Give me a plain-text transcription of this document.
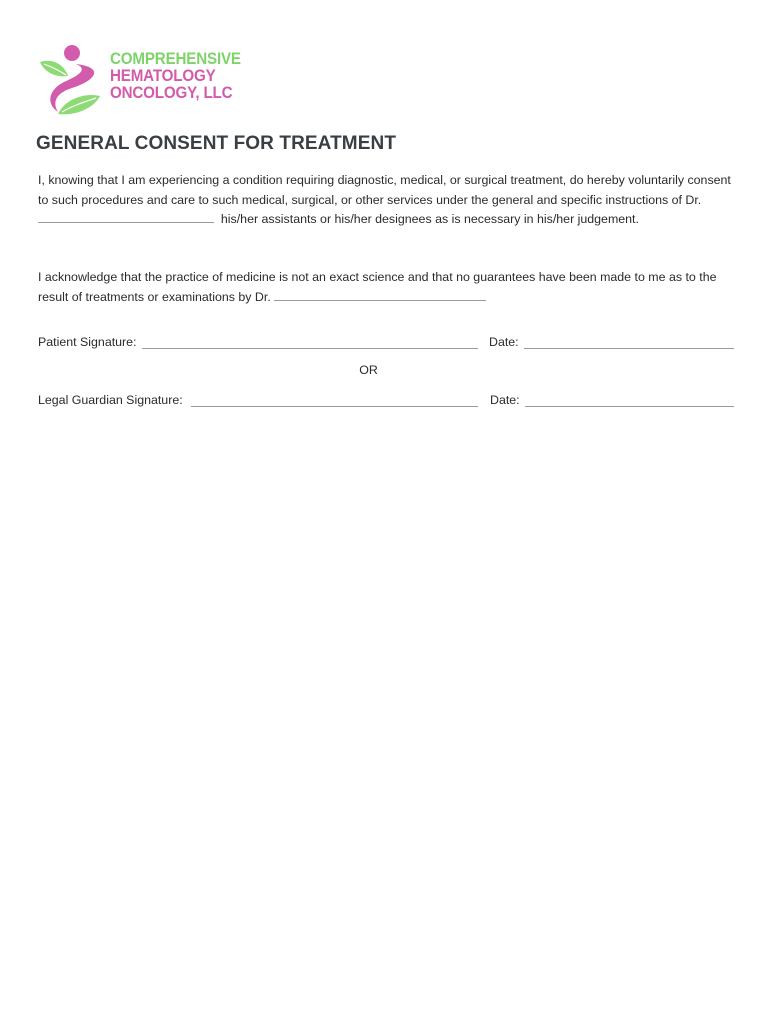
COMPREHENSIVE
HEMATOLOGY
ONCOLOGY, LLC
GENERAL CONSENT FOR TREATMENT
I, knowing that I am experiencing a condition requiring diagnostic, medical, or surgical treatment, do hereby voluntarily consent to such procedures and care to such medical, surgical, or other services under the general and specific instructions of Dr.   his/her assistants or his/her designees as is necessary in his/her judgement.
I acknowledge that the practice of medicine is not an exact science and that no guarantees have been made to me as to the result of treatments or examinations by Dr.
Patient Signature:	Date:
OR
Legal Guardian Signature:	Date:
